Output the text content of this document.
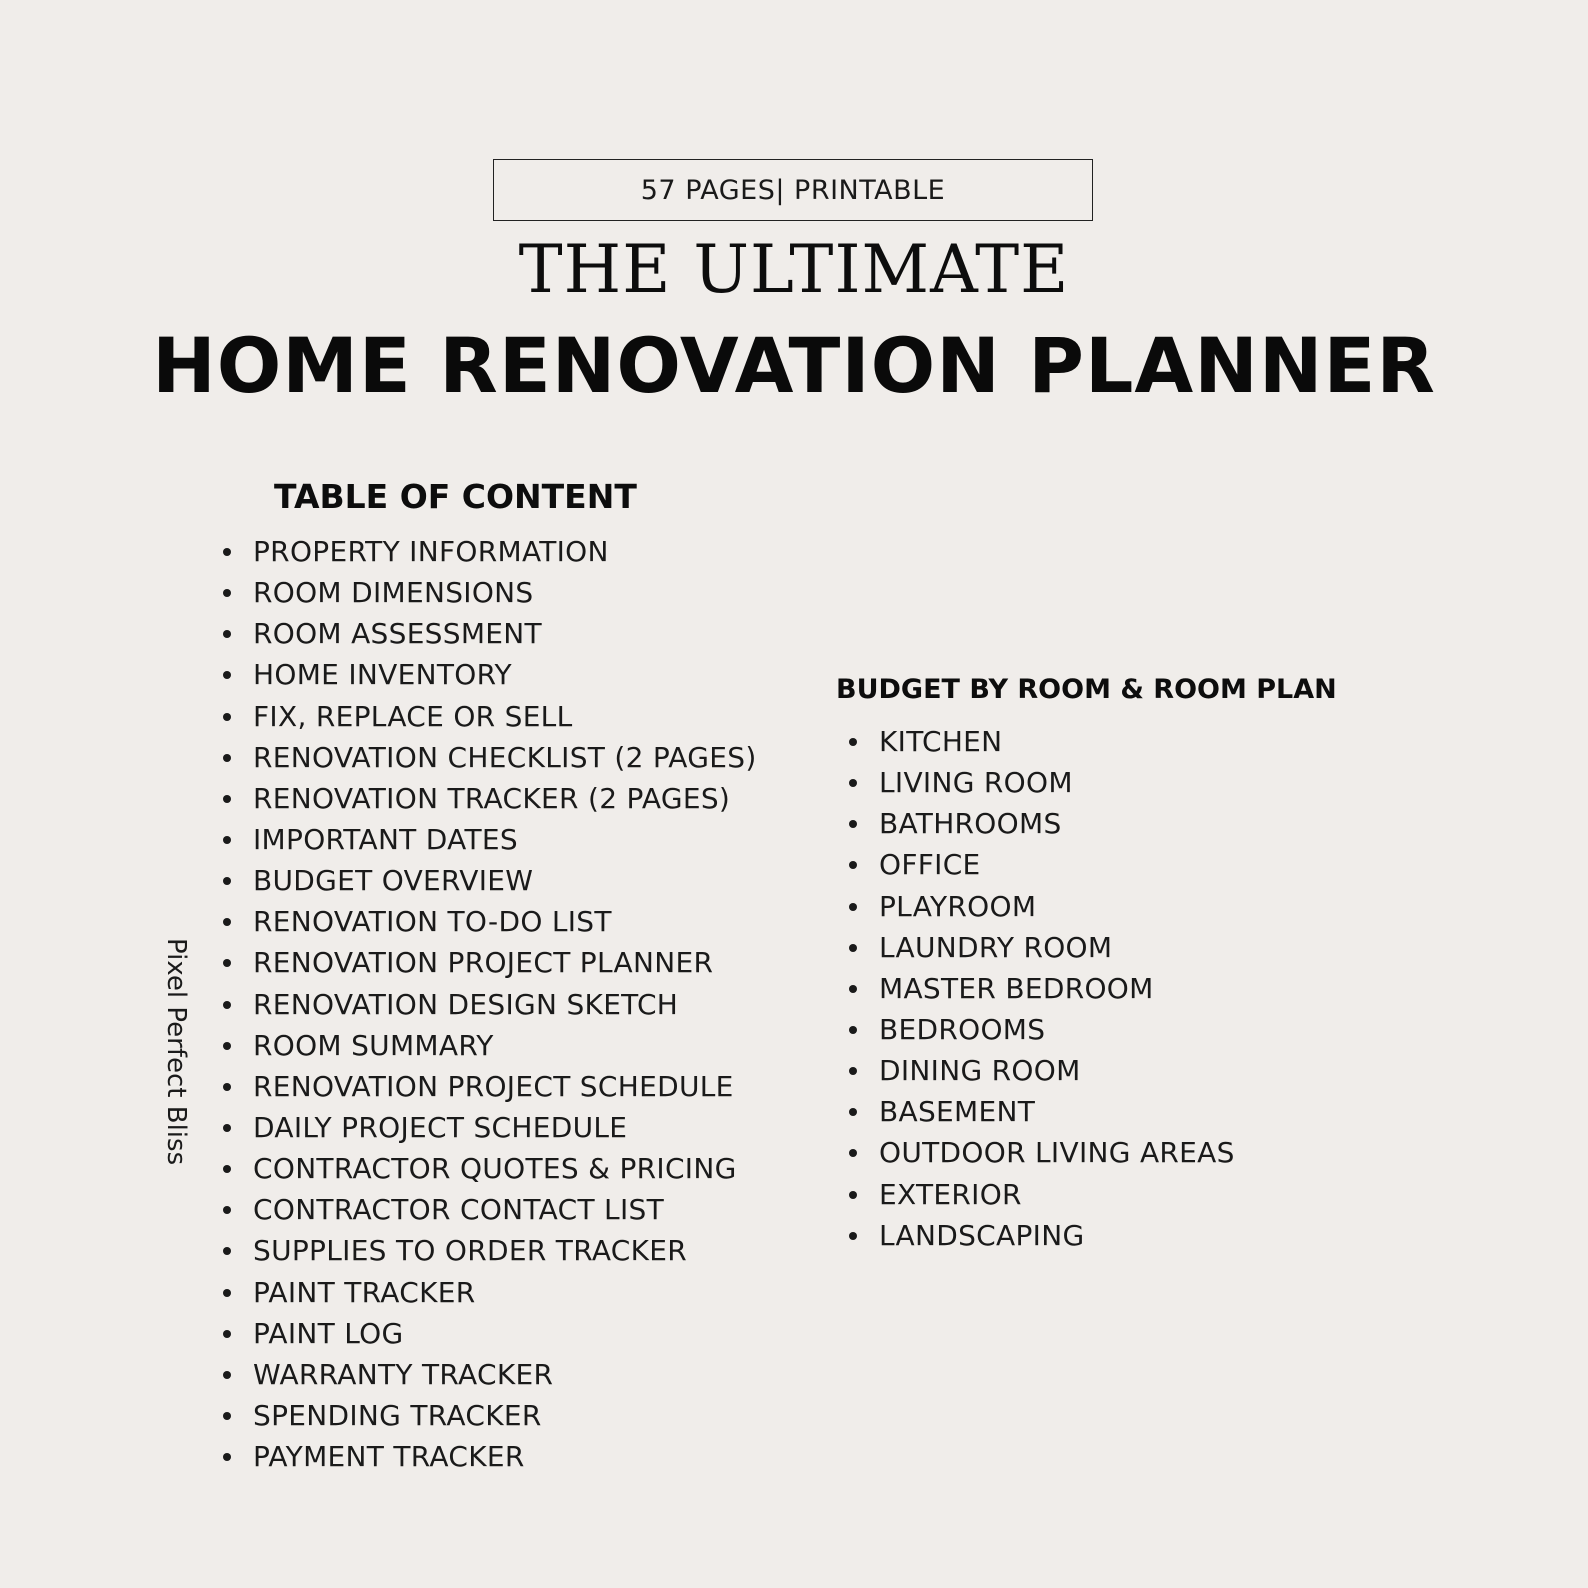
57 PAGES| PRINTABLE
THE ULTIMATE
HOME RENOVATION PLANNER
Pixel Perfect Bliss
TABLE OF CONTENT
PROPERTY INFORMATION
ROOM DIMENSIONS
ROOM ASSESSMENT
HOME INVENTORY
FIX, REPLACE OR SELL
RENOVATION CHECKLIST (2 PAGES)
RENOVATION TRACKER (2 PAGES)
IMPORTANT DATES
BUDGET OVERVIEW
RENOVATION TO-DO LIST
RENOVATION PROJECT PLANNER
RENOVATION DESIGN SKETCH
ROOM SUMMARY
RENOVATION PROJECT SCHEDULE
DAILY PROJECT SCHEDULE
CONTRACTOR QUOTES & PRICING
CONTRACTOR CONTACT LIST
SUPPLIES TO ORDER TRACKER
PAINT TRACKER
PAINT LOG
WARRANTY TRACKER
SPENDING TRACKER
PAYMENT TRACKER
BUDGET BY ROOM & ROOM PLAN
KITCHEN
LIVING ROOM
BATHROOMS
OFFICE
PLAYROOM
LAUNDRY ROOM
MASTER BEDROOM
BEDROOMS
DINING ROOM
BASEMENT
OUTDOOR LIVING AREAS
EXTERIOR
LANDSCAPING
